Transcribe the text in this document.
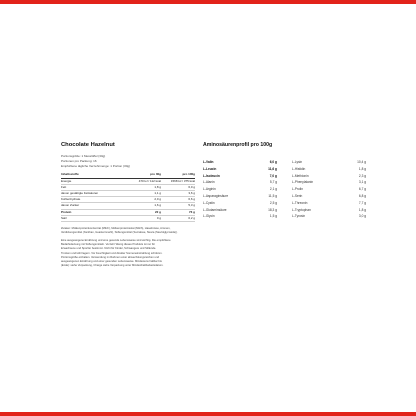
Chocolate Hazelnut
Portionsgröße: 1 Messlöffel (30g)
Portionen pro Packung: 16
Empfohlene tägliche Verzehrmenge: 1 Portion (30g)
Inhaltsstoffe	pro 30g	pro 100g
Energie	470 kJ / 112 kcal	1568 kJ / 375 kcal
Fett	1,8 g	6,0 g
davon gesättigte Fettsäuren	1,1 g	3,6 g
Kohlenhydrate	2,0 g	6,6 g
davon Zucker	1,6 g	5,3 g
Protein	22 g	73 g
Salz	0 g	0,2 g
Zutaten: Molkenproteinkonzentrat (Milch), Molkenproteinisolat (Milch), Haselnüsse, Aromen,
Verdickungsmittel (Xanthan, Guarkernmehl), Süßungsmittel (Sucralose, Stevia (Steviolglycoside)).
Eine ausgewogene Ernährung und eine gesunde Lebensweise sind wichtig. Die empfohlene
Bedarfsdeckung mit Süßungsmitteln. Verzehr Wenig dieses Produkts ist nur für
Erwachsene und Sportler bestimmt. Nicht für Kinder, Schwangere und Stillende.
Trocken und kühl lagern. Vor Feuchtigkeit und direkter Sonneneinstrahlung schützen.
Portionsgröße einhalten. Verwendung im Rahmen einer abwechslungsreichen und
ausgewogenen Ernährung und einer gesunden Lebensweise. Mindestens haltbar bis
(Ende): siehe Verpackung, Charge siehe Verpackung unter Mindesthaltbarkeitsdatum.
Aminosäurenprofil pro 100g
L-Valin	6,0 g
L-Leucin	11,6 g
L-Isoleucin	7,0 g
L-Alanin	5,7 g
L-Arginin	2,1 g
L-Asparaginsäure	11,5 g
L-Cystin	2,5 g
L-Glutaminsäure	18,3 g
L-Glycin	1,5 g
L-Lysin	10,4 g
L-Histidin	1,8 g
L-Methionin	2,3 g
L-Phenylalanin	3,1 g
L-Prolin	6,7 g
L-Serin	6,8 g
L-Threonin	7,7 g
L-Tryptophan	1,8 g
L-Tyrosin	3,0 g
